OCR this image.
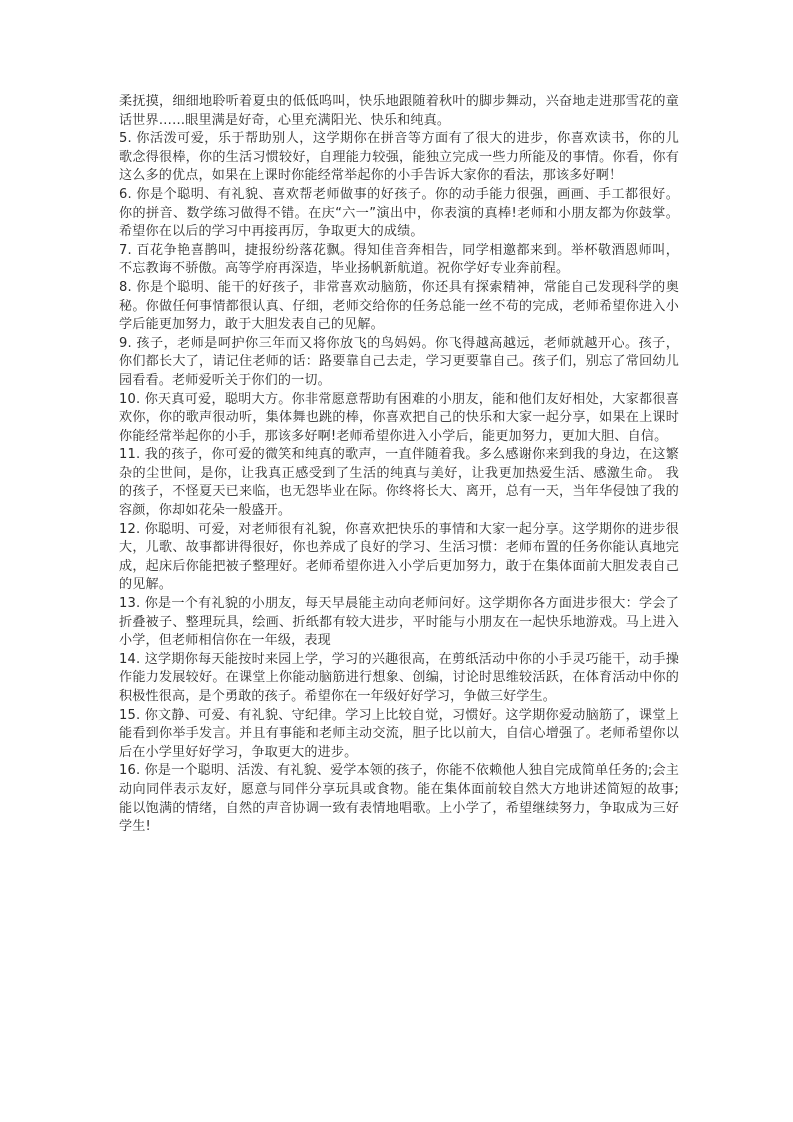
柔抚摸，细细地聆听着夏虫的低低呜叫，快乐地跟随着秋叶的脚步舞动，兴奋地走进那雪花的童话世界……眼里满是好奇，心里充满阳光、快乐和纯真。

5. 你活泼可爱，乐于帮助别人，这学期你在拼音等方面有了很大的进步，你喜欢读书，你的儿歌念得很棒，你的生活习惯较好，自理能力较强，能独立完成一些力所能及的事情。你看，你有这么多的优点，如果在上课时你能经常举起你的小手告诉大家你的看法，那该多好啊！

6. 你是个聪明、有礼貌、喜欢帮老师做事的好孩子。你的动手能力很强，画画、手工都很好。你的拼音、数学练习做得不错。在庆“六一”演出中，你表演的真棒!老师和小朋友都为你鼓掌。希望你在以后的学习中再接再厉，争取更大的成绩。

7. 百花争艳喜鹊叫，捷报纷纷落花飘。得知佳音奔相告，同学相邀都来到。举杯敬酒恩师叫，不忘教诲不骄傲。高等学府再深造，毕业扬帆新航道。祝你学好专业奔前程。

8. 你是个聪明、能干的好孩子，非常喜欢动脑筋，你还具有探索精神，常能自己发现科学的奥秘。你做任何事情都很认真、仔细，老师交给你的任务总能一丝不苟的完成，老师希望你进入小学后能更加努力，敢于大胆发表自己的见解。

9. 孩子，老师是呵护你三年而又将你放飞的鸟妈妈。你飞得越高越远，老师就越开心。孩子，你们都长大了，请记住老师的话：路要靠自己去走，学习更要靠自己。孩子们，别忘了常回幼儿园看看。老师爱听关于你们的一切。

10. 你天真可爱，聪明大方。你非常愿意帮助有困难的小朋友，能和他们友好相处，大家都很喜欢你，你的歌声很动听，集体舞也跳的棒，你喜欢把自己的快乐和大家一起分享，如果在上课时你能经常举起你的小手，那该多好啊!老师希望你进入小学后，能更加努力，更加大胆、自信。

11. 我的孩子，你可爱的微笑和纯真的歌声，一直伴随着我。多么感谢你来到我的身边，在这繁杂的尘世间，是你，让我真正感受到了生活的纯真与美好，让我更加热爱生活、感激生命。 我的孩子，不怪夏天已来临，也无怨毕业在际。你终将长大、离开，总有一天，当年华侵蚀了我的容颜，你却如花朵一般盛开。

12. 你聪明、可爱，对老师很有礼貌，你喜欢把快乐的事情和大家一起分享。这学期你的进步很大，儿歌、故事都讲得很好，你也养成了良好的学习、生活习惯：老师布置的任务你能认真地完成，起床后你能把被子整理好。老师希望你进入小学后更加努力，敢于在集体面前大胆发表自己的见解。

13. 你是一个有礼貌的小朋友，每天早晨能主动向老师问好。这学期你各方面进步很大：学会了折叠被子、整理玩具，绘画、折纸都有较大进步，平时能与小朋友在一起快乐地游戏。马上进入小学，但老师相信你在一年级，表现

14. 这学期你每天能按时来园上学，学习的兴趣很高，在剪纸活动中你的小手灵巧能干，动手操作能力发展较好。在课堂上你能动脑筋进行想象、创编，讨论时思维较活跃，在体育活动中你的积极性很高，是个勇敢的孩子。希望你在一年级好好学习，争做三好学生。

15. 你文静、可爱、有礼貌、守纪律。学习上比较自觉，习惯好。这学期你爱动脑筋了，课堂上能看到你举手发言。并且有事能和老师主动交流，胆子比以前大，自信心增强了。老师希望你以后在小学里好好学习，争取更大的进步。

16. 你是一个聪明、活泼、有礼貌、爱学本领的孩子，你能不依赖他人独自完成简单任务的;会主动向同伴表示友好，愿意与同伴分享玩具或食物。能在集体面前较自然大方地讲述简短的故事;能以饱满的情绪，自然的声音协调一致有表情地唱歌。上小学了，希望继续努力，争取成为三好学生!
